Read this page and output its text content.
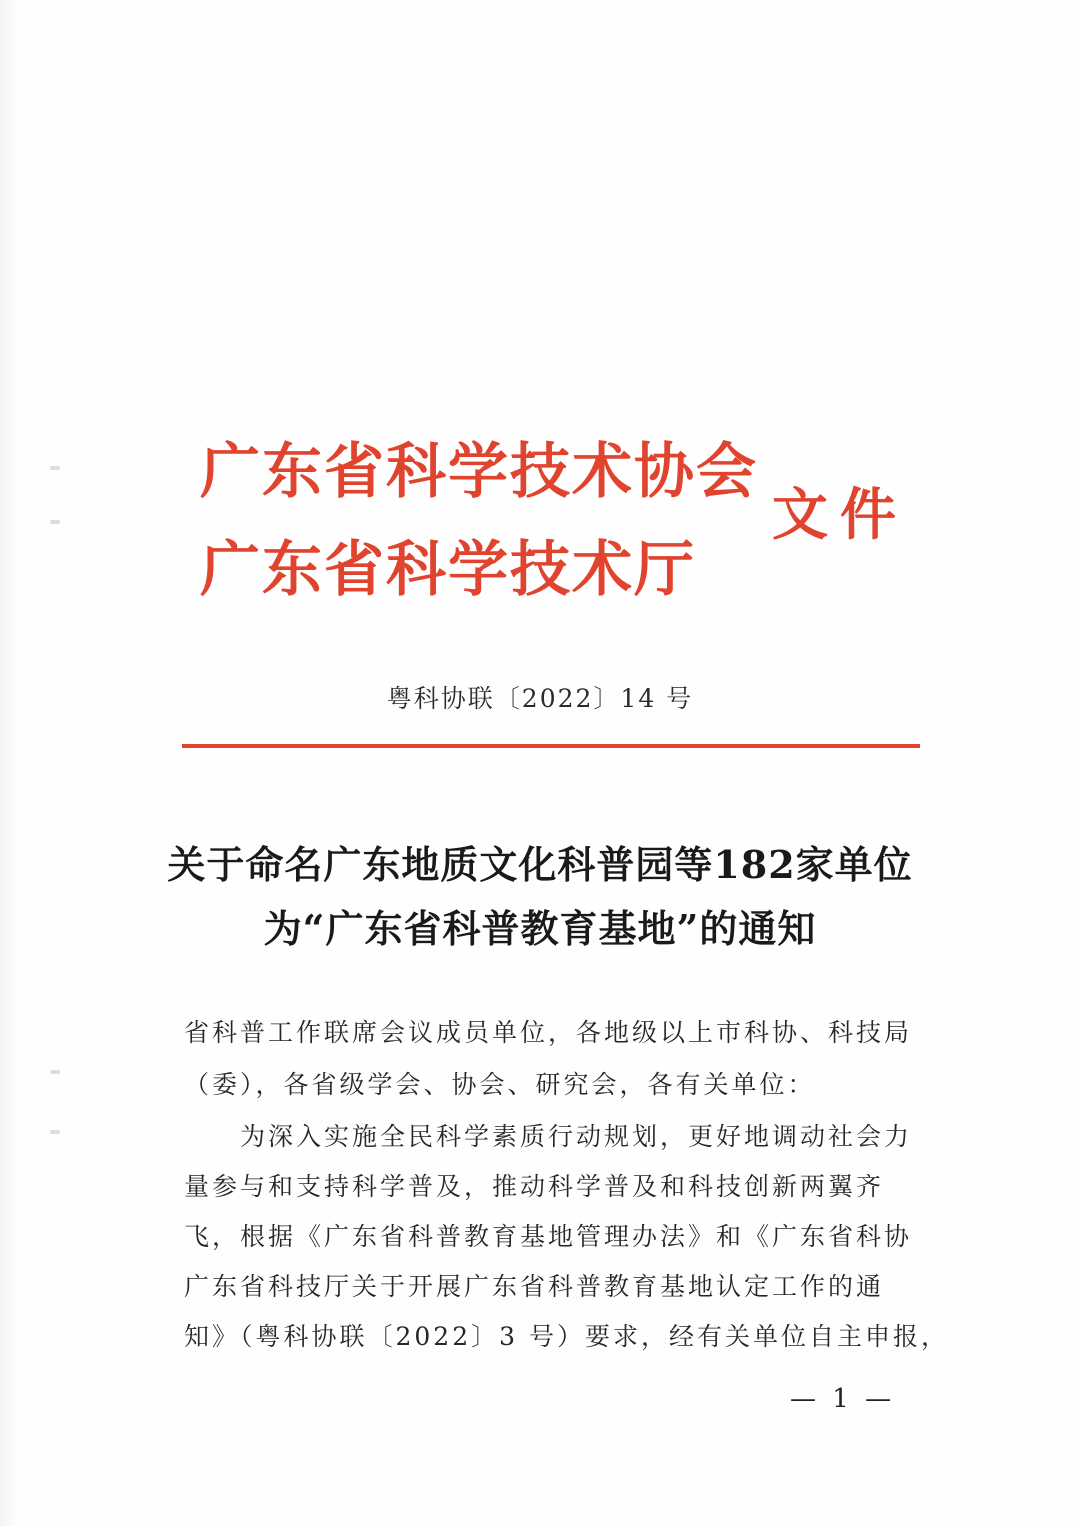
广东省科学技术协会
广东省科学技术厅
文件
粤科协联〔2022〕14 号
关于命名广东地质文化科普园等182家单位
为“广东省科普教育基地”的通知
省科普工作联席会议成员单位，各地级以上市科协、科技局
（委），各省级学会、协会、研究会，各有关单位：
　　为深入实施全民科学素质行动规划，更好地调动社会力
量参与和支持科学普及，推动科学普及和科技创新两翼齐
飞，根据《广东省科普教育基地管理办法》和《广东省科协
广东省科技厅关于开展广东省科普教育基地认定工作的通
知》（粤科协联〔2022〕3 号）要求，经有关单位自主申报，
— 1 —
